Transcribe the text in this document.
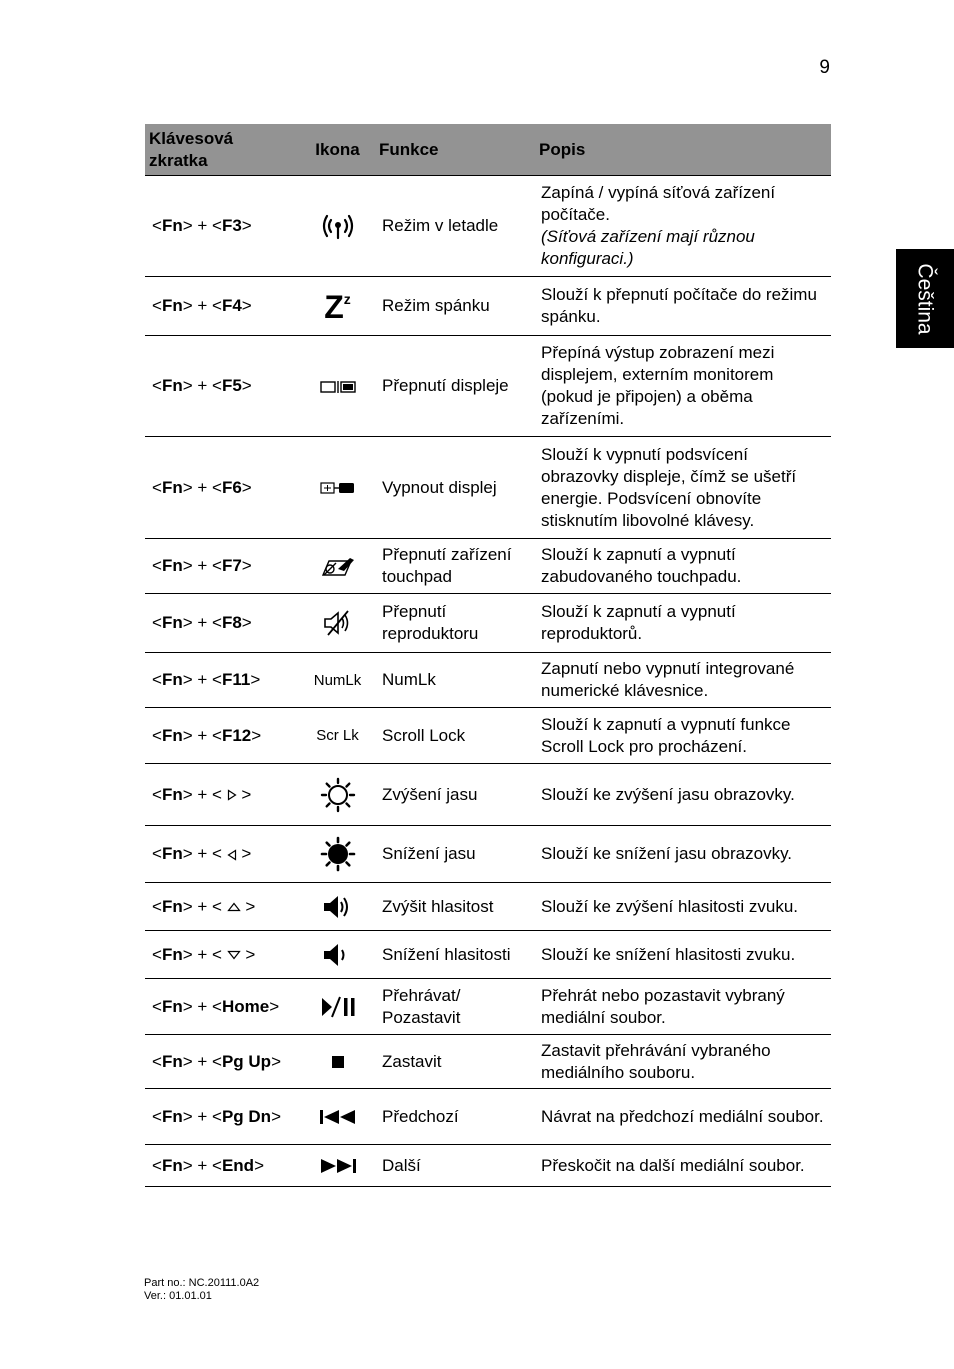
9
Čeština
Klávesová zkratka	Ikona	Funkce	Popis
<Fn> + <F3>		Režim v letadle	Zapíná / vypíná síťová zařízení počítače.
(Síťová zařízení mají různou konfiguraci.)
<Fn> + <F4>	$Z^z$	Režim spánku	Slouží k přepnutí počítače do režimu spánku.
<Fn> + <F5>		Přepnutí displeje	Přepíná výstup zobrazení mezi displejem, externím monitorem (pokud je připojen) a oběma zařízeními.
<Fn> + <F6>		Vypnout displej	Slouží k vypnutí podsvícení obrazovky displeje, čímž se ušetří energie. Podsvícení obnovíte stisknutím libovolné klávesy.
<Fn> + <F7>		Přepnutí zařízení touchpad	Slouží k zapnutí a vypnutí zabudovaného touchpadu.
<Fn> + <F8>		Přepnutí reproduktoru	Slouží k zapnutí a vypnutí reproduktorů.
<Fn> + <F11>	NumLk	NumLk	Zapnutí nebo vypnutí integrované numerické klávesnice.
<Fn> + <F12>	Scr Lk	Scroll Lock	Slouží k zapnutí a vypnutí funkce Scroll Lock pro procházení.
<Fn> + <  >		Zvýšení jasu	Slouží ke zvýšení jasu obrazovky.
<Fn> + <  >		Snížení jasu	Slouží ke snížení jasu obrazovky.
<Fn> + <  >		Zvýšit hlasitost	Slouží ke zvýšení hlasitosti zvuku.
<Fn> + <  >		Snížení hlasitosti	Slouží ke snížení hlasitosti zvuku.
<Fn> + <Home>		Přehrávat/ Pozastavit	Přehrát nebo pozastavit vybraný mediální soubor.
<Fn> + <Pg Up>		Zastavit	Zastavit přehrávání vybraného mediálního souboru.
<Fn> + <Pg Dn>		Předchozí	Návrat na předchozí mediální soubor.
<Fn> + <End>		Další	Přeskočit na další mediální soubor.
Part no.: NC.20111.0A2
Ver.: 01.01.01
